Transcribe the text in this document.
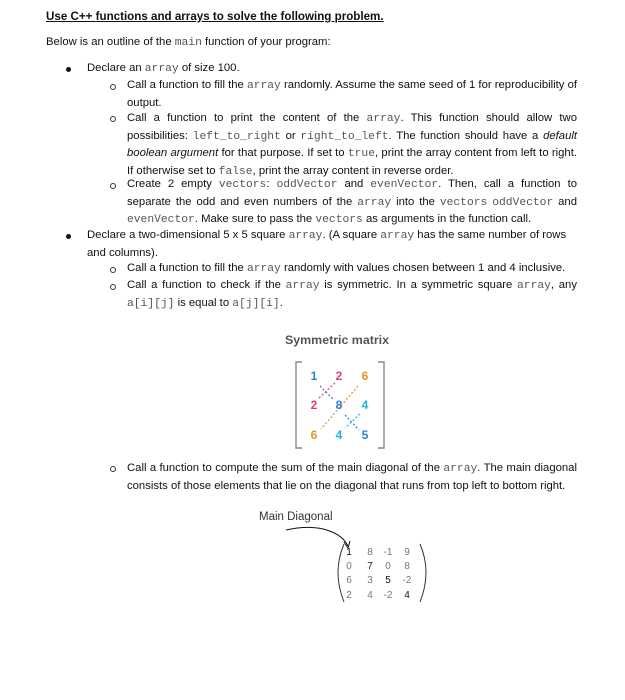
Use C++ functions and arrays to solve the following problem.
Below is an outline of the main function of your program:
Declare an array of size 100.
Call a function to fill the array randomly. Assume the same seed of 1 for reproducibility of output.
Call a function to print the content of the array. This function should allow two possibilities: left_to_right or right_to_left. The function should have a default boolean argument for that purpose. If set to true, print the array content from left to right. If otherwise set to false, print the array content in reverse order.
Create 2 empty vectors: oddVector and evenVector. Then, call a function to separate the odd and even numbers of the array into the vectors oddVector and evenVector. Make sure to pass the vectors as arguments in the function call.
Declare a two-dimensional 5 x 5 square array. (A square array has the same number of rows and columns).
Call a function to fill the array randomly with values chosen between 1 and 4 inclusive.
Call a function to check if the array is symmetric. In a symmetric square array, any a[i][j] is equal to a[j][i].
Symmetric matrix
1 2 6
2 8 4
6 4 5
Call a function to compute the sum of the main diagonal of the array. The main diagonal consists of those elements that lie on the diagonal that runs from top left to bottom right.
Main Diagonal
1 8 -1 9
0 7 0 8
6 3 5 -2
2 4 -2 4
